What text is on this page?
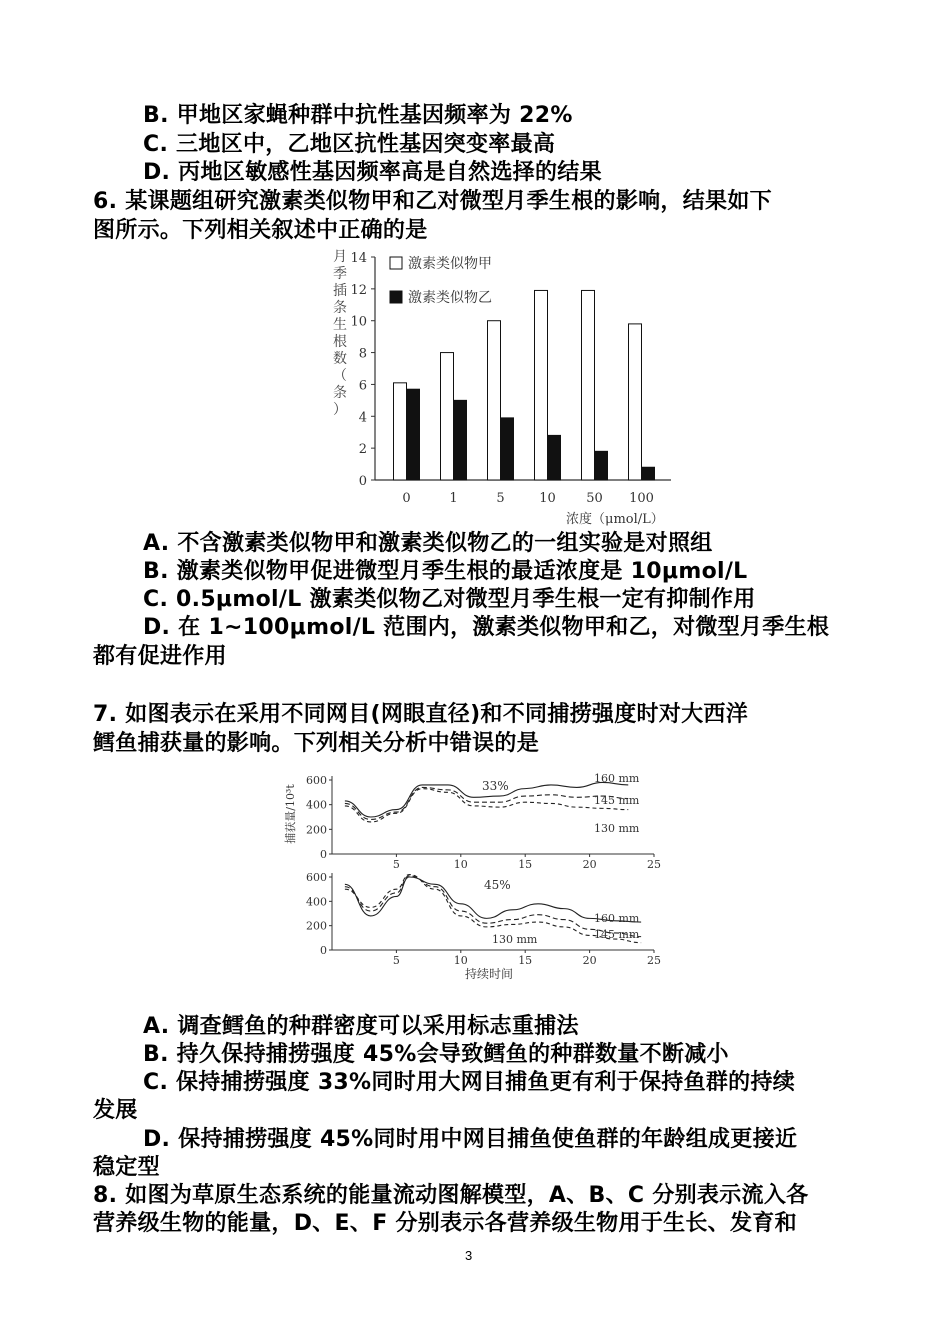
B. 甲地区家蝇种群中抗性基因频率为 22%
C. 三地区中，乙地区抗性基因突变率最高
D. 丙地区敏感性基因频率高是自然选择的结果
6. 某课题组研究激素类似物甲和乙对微型月季生根的影响，结果如下
图所示。下列相关叙述中正确的是
月
季
插
条
生
根
数
（
条
）
0
2
4
6
8
10
12
14
0	1	5	10 50 100
激素类似物甲
激素类似物乙
浓度（μmol/L）
A. 不含激素类似物甲和激素类似物乙的一组实验是对照组
B. 激素类似物甲促进微型月季生根的最适浓度是 10μmol/L
C. 0.5μmol/L 激素类似物乙对微型月季生根一定有抑制作用
D. 在 1~100μmol/L 范围内，激素类似物甲和乙，对微型月季生根
都有促进作用
7. 如图表示在采用不同网目(网眼直径)和不同捕捞强度时对大西洋
鳕鱼捕获量的影响。下列相关分析中错误的是
捕获量/10³t
0
200
400
600
5	10	15	20	25
160 mm
145 mm
130 mm
33%
0
200
400
600
5	10	15	20	25
160 mm
145 mm
130 mm
45%
持续时间
A. 调查鳕鱼的种群密度可以采用标志重捕法
B. 持久保持捕捞强度 45%会导致鳕鱼的种群数量不断减小
C. 保持捕捞强度 33%同时用大网目捕鱼更有利于保持鱼群的持续
发展
D. 保持捕捞强度 45%同时用中网目捕鱼使鱼群的年龄组成更接近
稳定型
8. 如图为草原生态系统的能量流动图解模型，A、B、C 分别表示流入各
营养级生物的能量，D、E、F 分别表示各营养级生物用于生长、发育和
3
